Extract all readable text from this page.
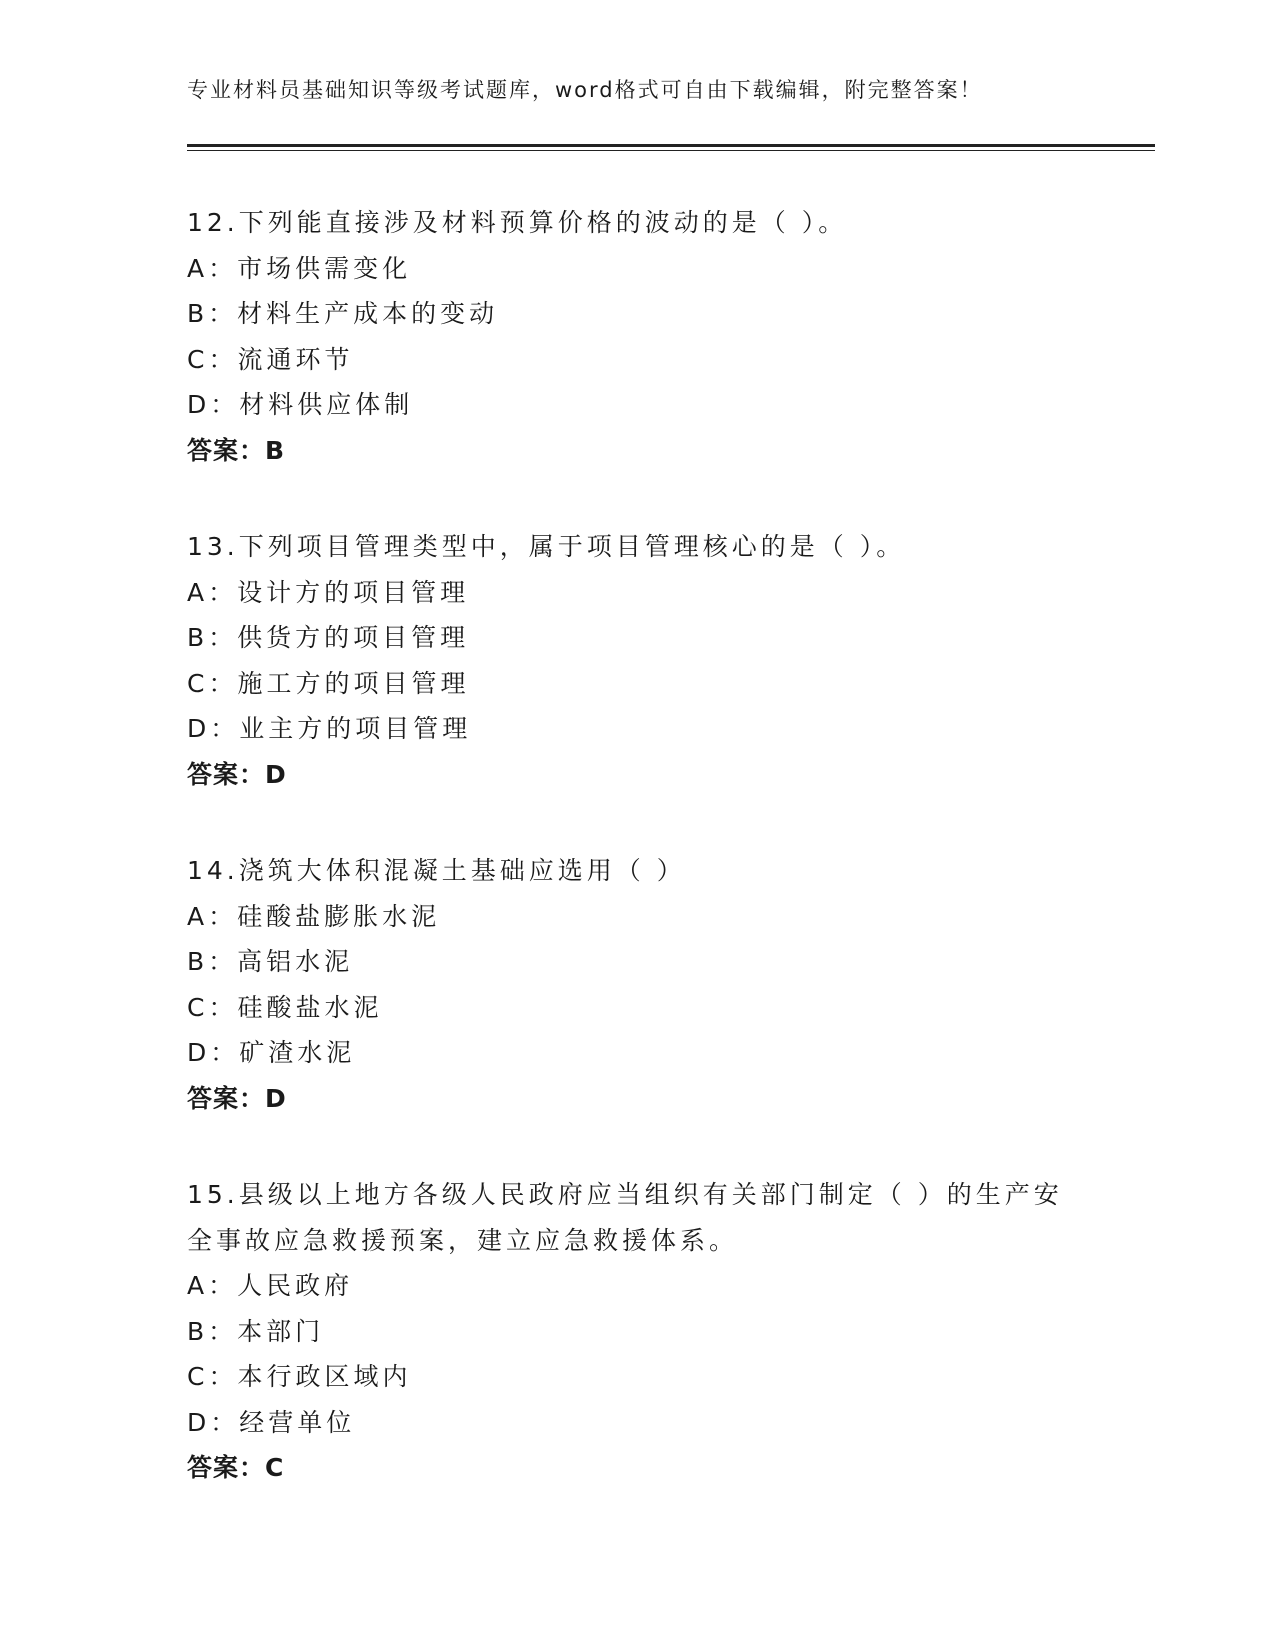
专业材料员基础知识等级考试题库，word格式可自由下载编辑，附完整答案！
12.下列能直接涉及材料预算价格的波动的是（ ）。
A：市场供需变化
B：材料生产成本的变动
C：流通环节
D：材料供应体制
答案：B
13.下列项目管理类型中，属于项目管理核心的是（ ）。
A：设计方的项目管理
B：供货方的项目管理
C：施工方的项目管理
D：业主方的项目管理
答案：D
14.浇筑大体积混凝土基础应选用（ ）
A：硅酸盐膨胀水泥
B：高铝水泥
C：硅酸盐水泥
D：矿渣水泥
答案：D
15.县级以上地方各级人民政府应当组织有关部门制定（ ）的生产安
全事故应急救援预案，建立应急救援体系。
A：人民政府
B：本部门
C：本行政区域内
D：经营单位
答案：C
